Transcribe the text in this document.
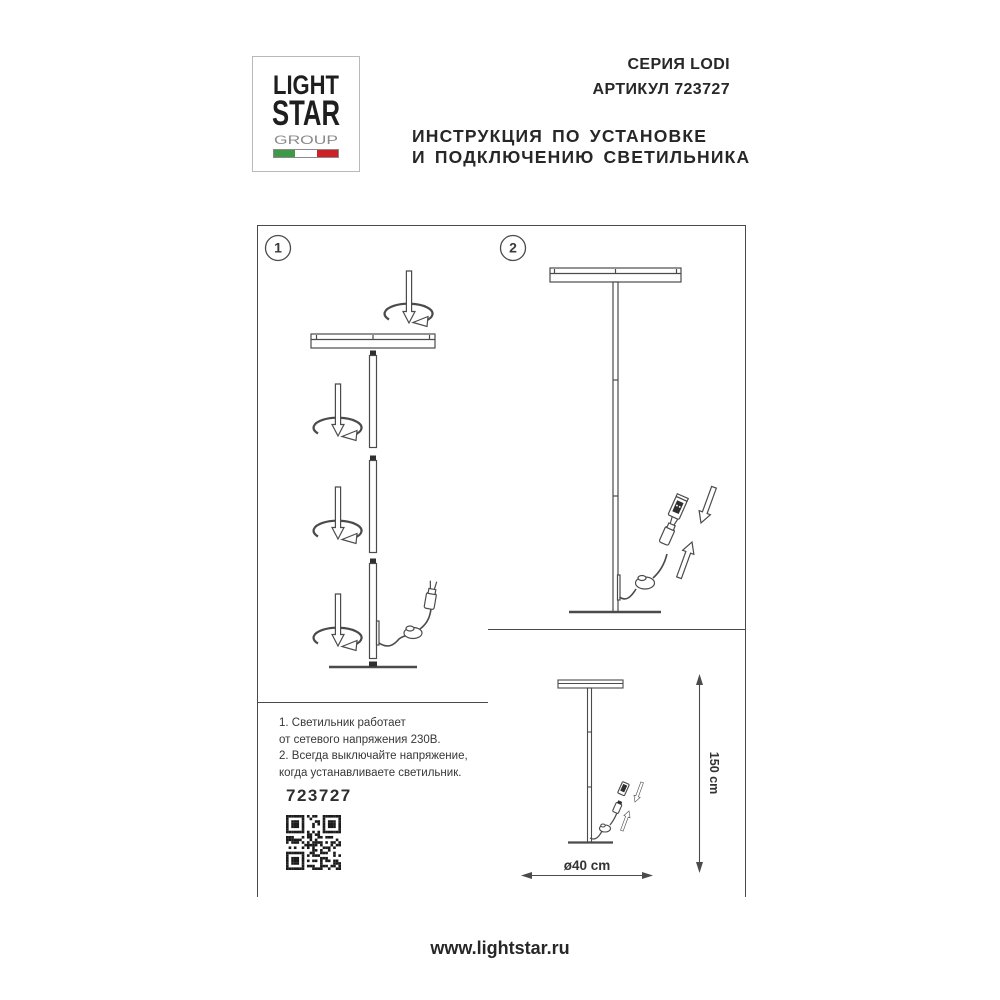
LIGHT
STAR
GROUP
СЕРИЯ LODI
АРТИКУЛ 723727
ИНСТРУКЦИЯ ПО УСТАНОВКЕ
И ПОДКЛЮЧЕНИЮ СВЕТИЛЬНИКА
1	2

1. Светильник работает

от сетевого напряжения 230В.

2. Всегда выключайте напряжение,

когда устанавливаете светильник.

723727
150 cm
ø40 cm
www.lightstar.ru
